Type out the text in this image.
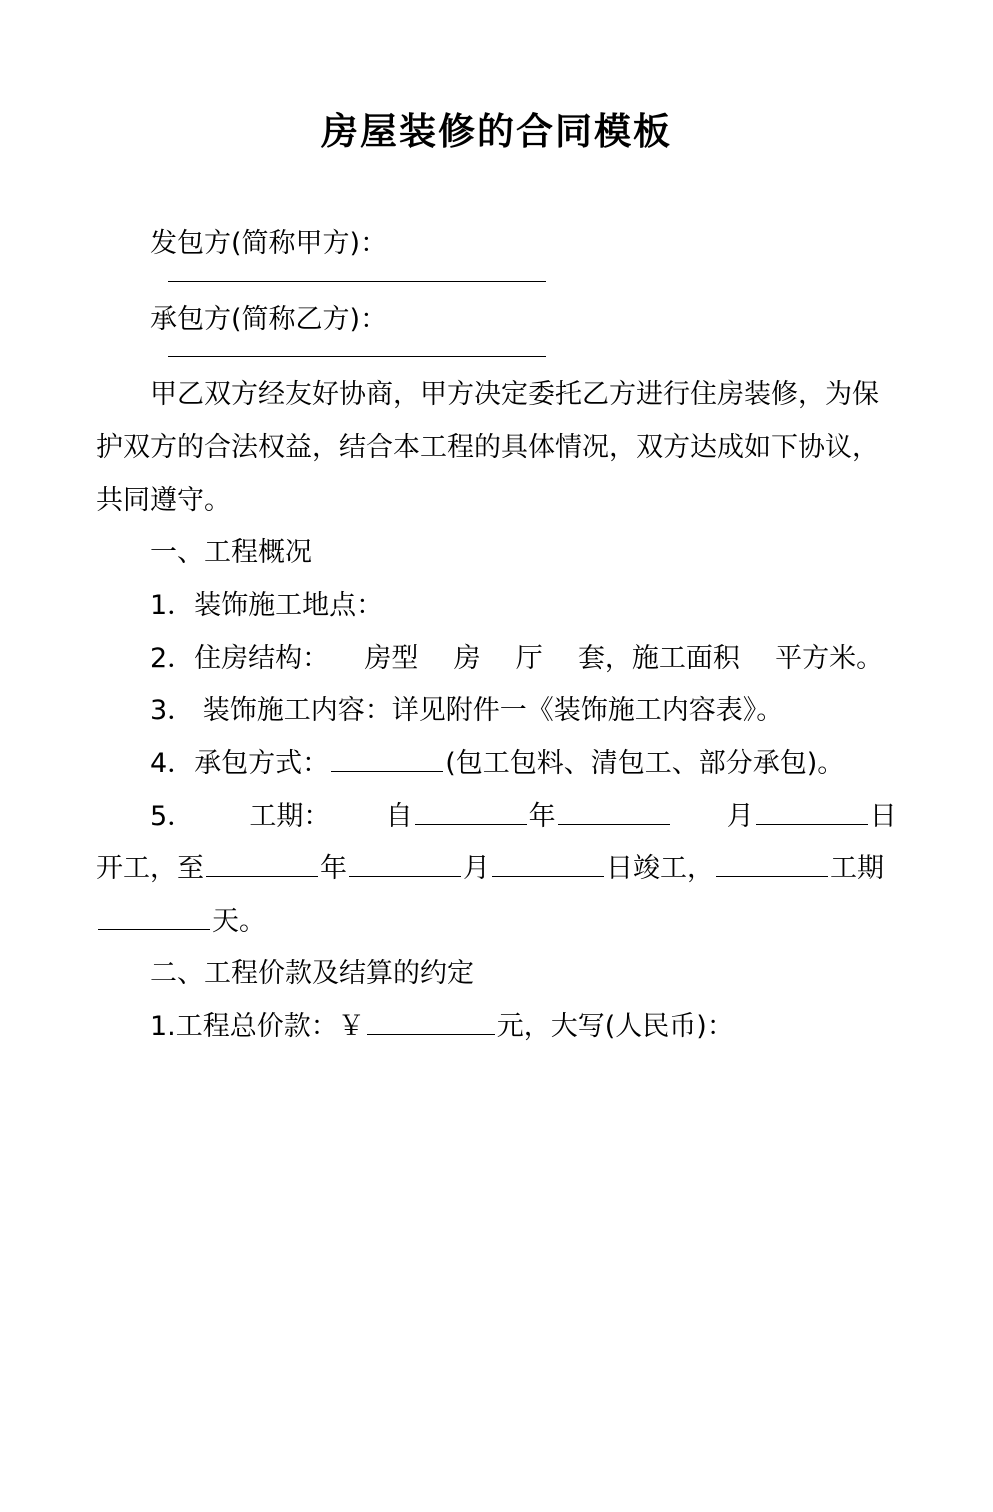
房屋装修的合同模板

发包方(简称甲方)：

承包方(简称乙方)：

甲乙双方经友好协商，甲方决定委托乙方进行住房装修，为保护双方的合法权益，结合本工程的具体情况，双方达成如下协议，共同遵守。

一、工程概况

1．装饰施工地点：

2．住房结构： 房型 房 厅 套，施工面积 平方米。

3． 装饰施工内容：详见附件一《装饰施工内容表》。

4．承包方式：	(包工包料、清包工、部分承包)。

5． 工期： 自	年	月	日开工，至	年	月	日竣工，	工期天。

二、工程价款及结算的约定

1.工程总价款：￥	元，大写(人民币)：
